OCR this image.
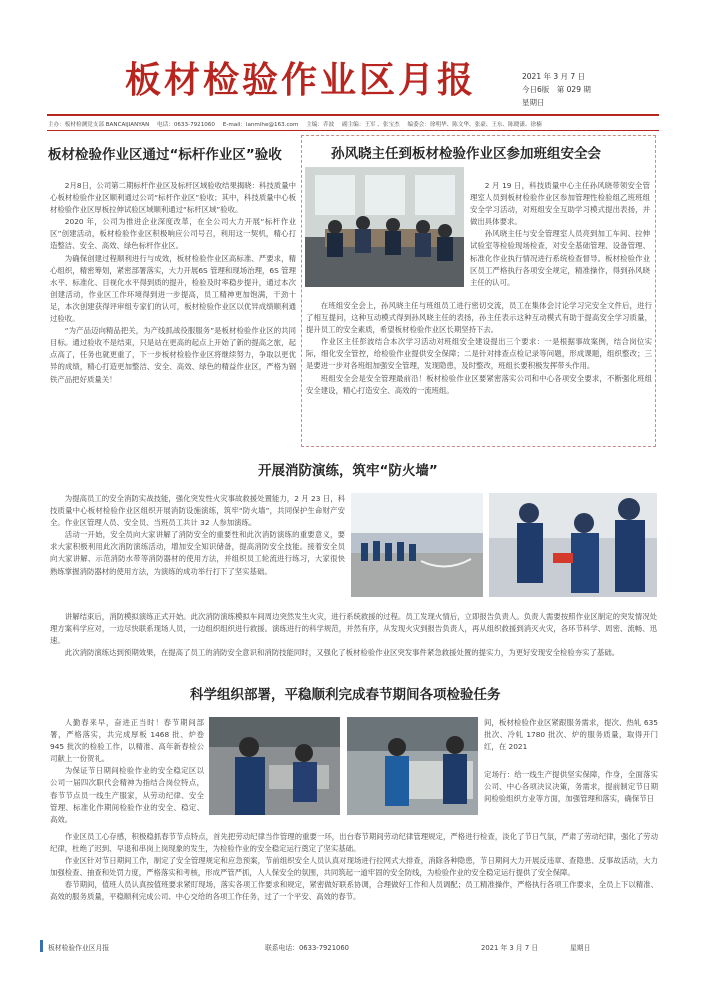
板材检验作业区月报	2021 年 3 月 7 日
今日6版　第 029 期
星期日
主办：板材检测党支部 BANCAIJIANYAN 电话：0633-7921060 E-mail：lanmihe@163.com 主编：乔波 副主编：王军 、张宝杰 编委会：徐明华、陈文华、张豪、王东、陈晓潇、徐楠
板材检验作业区通过“标杆作业区”验收

2月8日，公司第二期标杆作业区及标杆区域验收结果揭晓：科技质量中心板材检验作业区顺利通过公司“标杆作业区”验收；其中，科技质量中心板材检验作业区厚板拉伸试验区域顺利通过“标杆区域”验收。

2020 年，公司为推进企业深度改革，在全公司大力开展“标杆作业区”创建活动，板材检验作业区积极响应公司号召，利用这一契机，精心打造整洁、安全、高效、绿色标杆作业区。

为确保创建过程顺利进行与成效，板材检验作业区高标准、严要求，精心组织，精密筹划，紧密部署落实，大力开展6S 管理和现场治理，6S 管理水平、标准化、目视化水平得到质的提升，检验及时率稳步提升，通过本次创建活动，作业区工作环境得到进一步提高，员工精神更加饱满，干劲十足，本次创建获得评审组专家们的认可，板材检验作业区以优异成绩顺利通过验收。

“为产品迈向精品把关，为产线抓战役服服务”是板材检验作业区的共同目标。通过验收不是结束，只是站在更高的起点上开始了新的提高之旅，起点高了，任务也就更重了，下一步板材检验作业区将继续努力，争取以更优异的成绩，精心打造更加整洁、安全、高效、绿色的精益作业区，严格为钢铁产品把好质量关！

孙风晓主任到板材检验作业区参加班组安全会

2 月 19 日，科技质量中心主任孙风晓带领安全管理室人员到板材检验作业区参加管理性检验组乙班班组安全学习活动，对班组安全互助学习模式提出表扬，并做出具体要求。

孙风晓主任与安全管理室人员亮到加工车间、拉伸试验室等检验现场检查，对安全基础管理、设备管理、标准化作业执行情况进行系统检查督导。板材检验作业区员工严格执行各项安全规定，精准操作，得到孙风晓主任的认可。

在班组安全会上，孙风晓主任与班组员工进行密切交流，员工在集体会讨论学习完安全文件后，进行了相互提问，这种互动模式得到孙风晓主任的表扬，孙主任表示这种互动模式有助于提高安全学习质量，提升员工的安全素质，希望板材检验作业区长期坚持下去。

作业区主任彭波结合本次学习活动对班组安全建设提出三个要求：一是根据事故案例，结合岗位实际，细化安全管控，给检验作业提供安全保障；二是针对排查点检记录等问题，形成课题，组织整改；三是要进一步对各班组加强安全管理，发现隐患，及时整改，班组长要积极发挥带头作用。

班组安全会是安全管理最前沿！板材检验作业区要紧密落实公司和中心各项安全要求，不断强化班组安全建设，精心打造安全、高效的一流班组。

开展消防演练，筑牢“防火墙”

为提高员工的安全消防实战技能，强化突发性火灾事故救援处置能力，2 月 23 日，科技质量中心板材检验作业区组织开展消防设施演练，筑牢“防火墙”，共同保护生命财产安全。作业区管理人员、安全员、当班员工共计 32 人参加演练。

活动一开始，安全员向大家讲解了消防安全的重要性和此次消防演练的重要意义，要求大家积极利用此次消防演练活动，增加安全知识储备，提高消防安全技能。接着安全员向大家讲解、示范消防水带等消防器材的使用方法，并组织员工轮流进行练习，大家很快熟练掌握消防器材的使用方法，为演练的成功举行打下了坚实基础。

讲解结束后，消防模拟演练正式开始。此次消防演练模拟车间周边突然发生火灾，进行系统救援的过程。员工发现火情后，立即报告负责人。负责人需要按照作业区制定的突发情况处理方案科学应对，一边尽快联系现场人员，一边组织组织进行救援。演练进行的科学规范，并然有序，从发现火灾到报告负责人，再从组织救援到消灭火灾，各环节科学、周密、流畅、迅速。

此次消防演练达到预期效果，在提高了员工的消防安全意识和消防技能同时，又强化了板材检验作业区突发事件紧急救援处置的提实力，为更好安现安全检验夯实了基础。

科学组织部署，平稳顺利完成春节期间各项检验任务

人勤春来早，奋进正当时！春节期间部署，严格落实，共完成厚板 1468 批、炉卷 945 批次的检验工作，以精准、高年新春检公司献上一份贺礼。

为保证节日期间检验作业的安全稳定区以公司一届四次职代会精神为指结合岗位特点，春节节点员一线生产服家，从劳动纪律、安全管理、标准化作期间检验作业的安全、稳定、高效。

间，板材检验作业区紧跟服务需求，提次、热轧 635 批次、冷轧 1780 批次、炉的服务质量，取得开门红，在 2021
定场行：给一线生产提供坚实保障，作身，全面落实公司、中心各项决议决策，务需求，提前制定节日期间检验组织方业等方面，加强管理和落实，确保节日

作业区员工心存感，积极稳抓春节节点特点，首先把劳动纪律当作管理的重要一环，出台春节期间劳动纪律管理规定，严格进行检查，淡化了节日气氛，严肃了劳动纪律，强化了劳动纪律，杜绝了迟到、早退和串岗上岗现象的发生，为检验作业的安全稳定运行奠定了坚实基础。

作业区针对节日期间工作，制定了安全管理规定和应急预案，节前组织安全人员认真对现场进行拉网式大排查，消除各种隐患，节日期间大力开展反违章、查隐患、反事故活动，大力加强检查、抽查和处罚力度，严格落实和考核，形成严管严抓，人人保安全的氛围，共同筑起一道牢固的安全防线，为检验作业的安全稳定运行提供了安全保障。

春节期间，值班人员认真按值班要求紧盯现场，落实各项工作要求和规定，紧密做好联系协调，合理做好工作和人员调配；员工精准操作，严格执行各项工作要求，全员上下以精准、高效的服务质量，平稳顺利完成公司、中心交给的各项工作任务，过了一个平安、高效的春节。

板材检验作业区月报	联系电话：0633-7921060	2021 年 3 月 7 日	星期日
